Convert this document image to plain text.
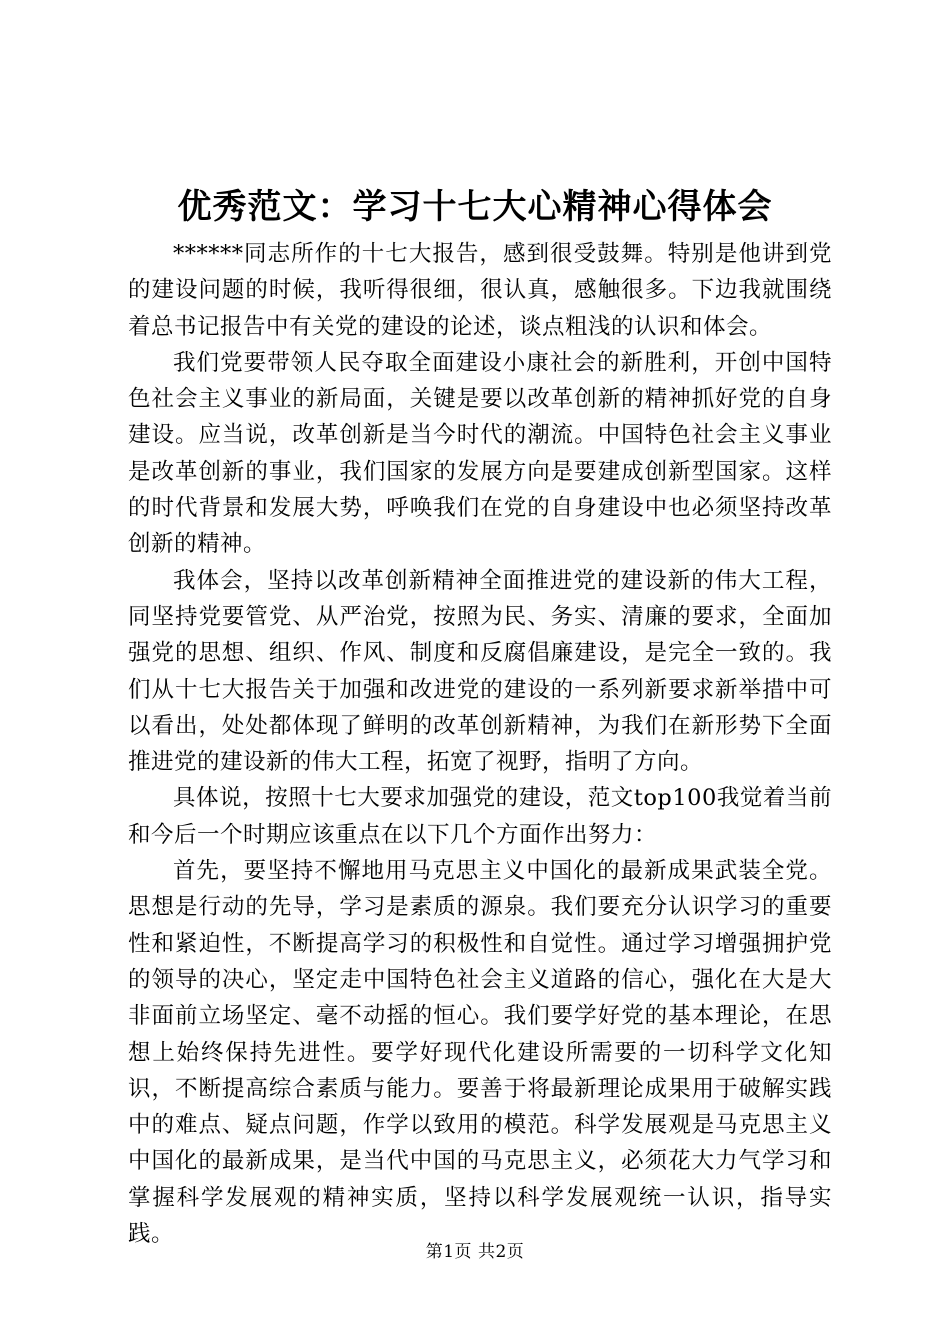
优秀范文：学习十七大心精神心得体会

******同志所作的十七大报告，感到很受鼓舞。特别是他讲到党的建设问题的时候，我听得很细，很认真，感触很多。下边我就围绕着总书记报告中有关党的建设的论述，谈点粗浅的认识和体会。

我们党要带领人民夺取全面建设小康社会的新胜利，开创中国特色社会主义事业的新局面，关键是要以改革创新的精神抓好党的自身建设。应当说，改革创新是当今时代的潮流。中国特色社会主义事业是改革创新的事业，我们国家的发展方向是要建成创新型国家。这样的时代背景和发展大势，呼唤我们在党的自身建设中也必须坚持改革创新的精神。

我体会，坚持以改革创新精神全面推进党的建设新的伟大工程，同坚持党要管党、从严治党，按照为民、务实、清廉的要求，全面加强党的思想、组织、作风、制度和反腐倡廉建设，是完全一致的。我们从十七大报告关于加强和改进党的建设的一系列新要求新举措中可以看出，处处都体现了鲜明的改革创新精神，为我们在新形势下全面推进党的建设新的伟大工程，拓宽了视野，指明了方向。

具体说，按照十七大要求加强党的建设，范文top100我觉着当前和今后一个时期应该重点在以下几个方面作出努力：

首先，要坚持不懈地用马克思主义中国化的最新成果武装全党。思想是行动的先导，学习是素质的源泉。我们要充分认识学习的重要性和紧迫性，不断提高学习的积极性和自觉性。通过学习增强拥护党的领导的决心，坚定走中国特色社会主义道路的信心，强化在大是大非面前立场坚定、毫不动摇的恒心。我们要学好党的基本理论，在思想上始终保持先进性。要学好现代化建设所需要的一切科学文化知识，不断提高综合素质与能力。要善于将最新理论成果用于破解实践中的难点、疑点问题，作学以致用的模范。科学发展观是马克思主义中国化的最新成果，是当代中国的马克思主义，必须花大力气学习和掌握科学发展观的精神实质，坚持以科学发展观统一认识，指导实践。

第1页 共2页
